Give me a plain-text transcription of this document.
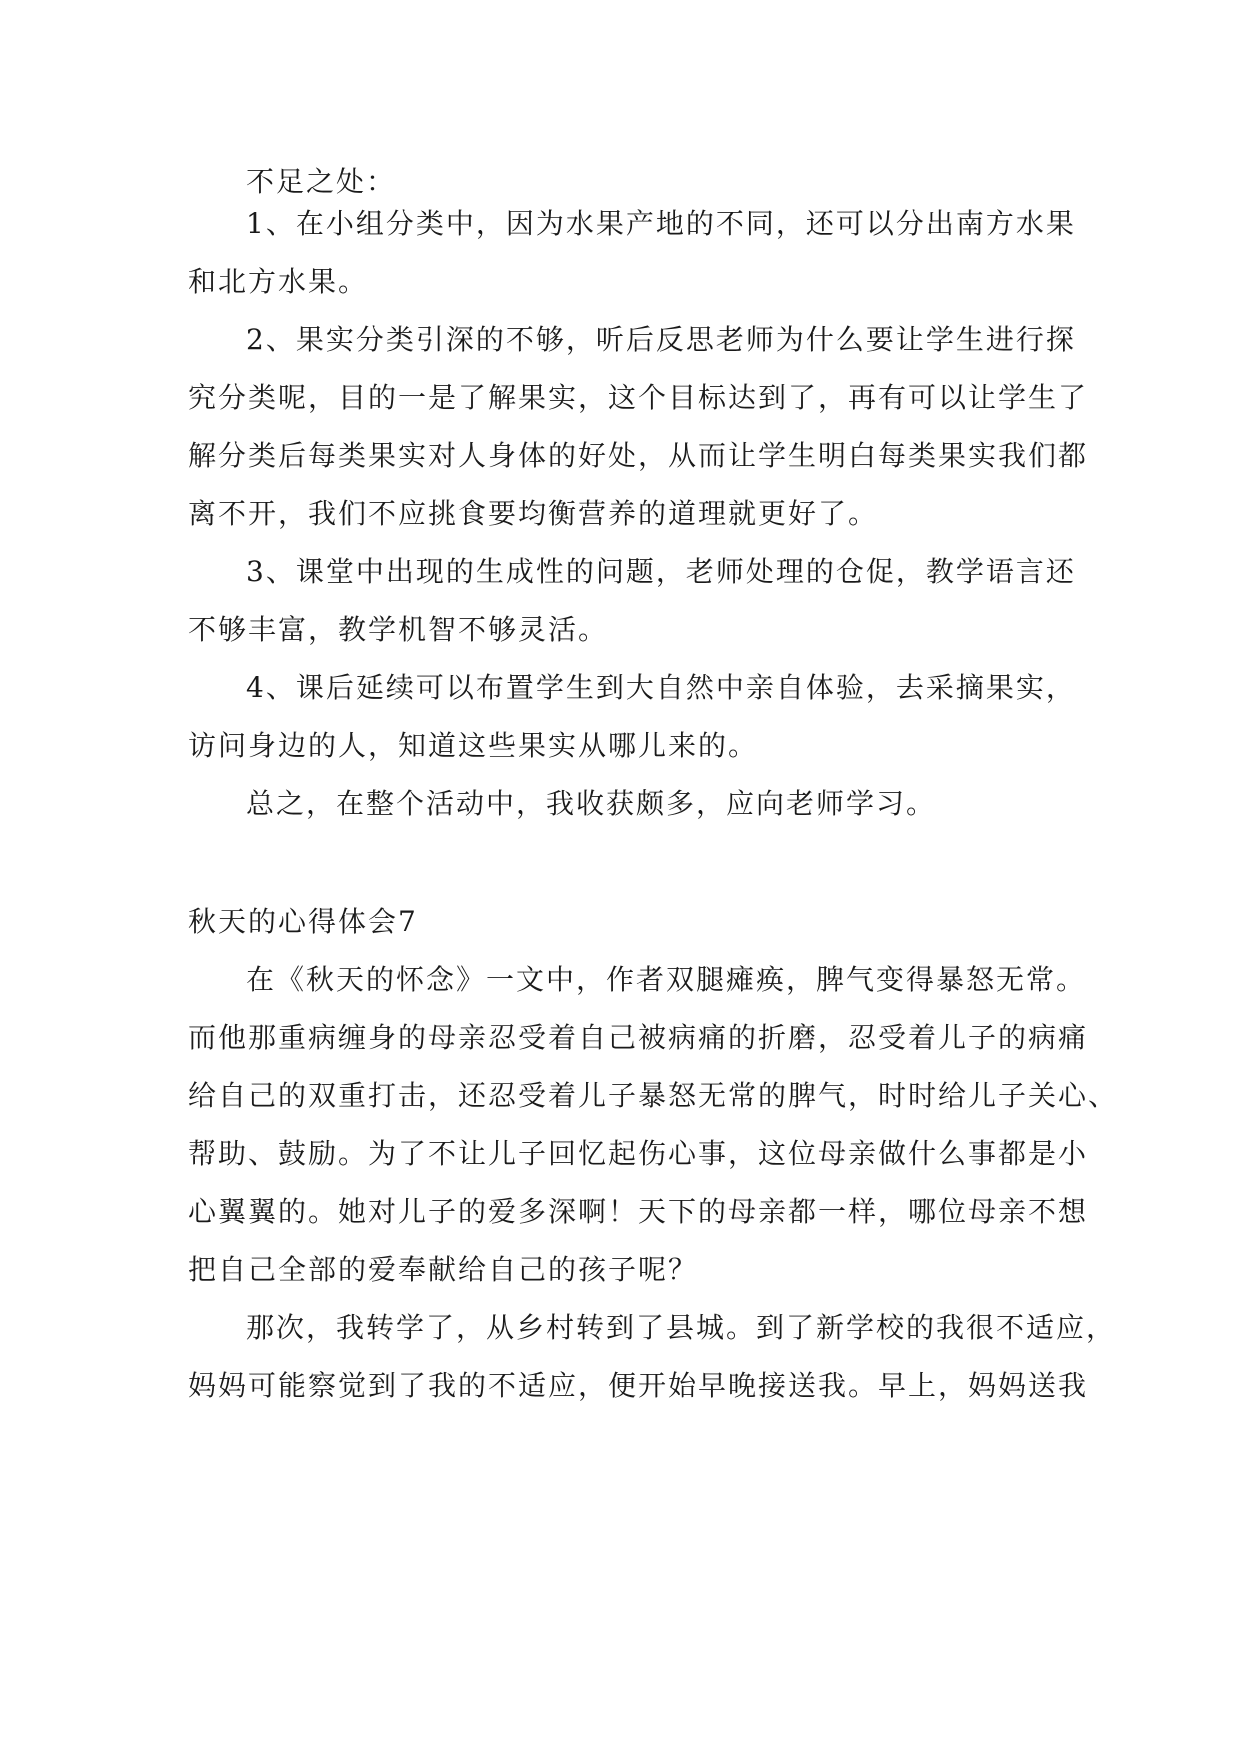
不足之处：
1、在小组分类中，因为水果产地的不同，还可以分出南方水果
和北方水果。
2、果实分类引深的不够，听后反思老师为什么要让学生进行探
究分类呢，目的一是了解果实，这个目标达到了，再有可以让学生了
解分类后每类果实对人身体的好处，从而让学生明白每类果实我们都
离不开，我们不应挑食要均衡营养的道理就更好了。
3、课堂中出现的生成性的问题，老师处理的仓促，教学语言还
不够丰富，教学机智不够灵活。
4、课后延续可以布置学生到大自然中亲自体验，去采摘果实，
访问身边的人，知道这些果实从哪儿来的。
总之，在整个活动中，我收获颇多，应向老师学习。
秋天的心得体会7
在《秋天的怀念》一文中，作者双腿瘫痪，脾气变得暴怒无常。
而他那重病缠身的母亲忍受着自己被病痛的折磨，忍受着儿子的病痛
给自己的双重打击，还忍受着儿子暴怒无常的脾气，时时给儿子关心、
帮助、鼓励。为了不让儿子回忆起伤心事，这位母亲做什么事都是小
心翼翼的。她对儿子的爱多深啊！天下的母亲都一样，哪位母亲不想
把自己全部的爱奉献给自己的孩子呢？
那次，我转学了，从乡村转到了县城。到了新学校的我很不适应，
妈妈可能察觉到了我的不适应，便开始早晚接送我。早上，妈妈送我
